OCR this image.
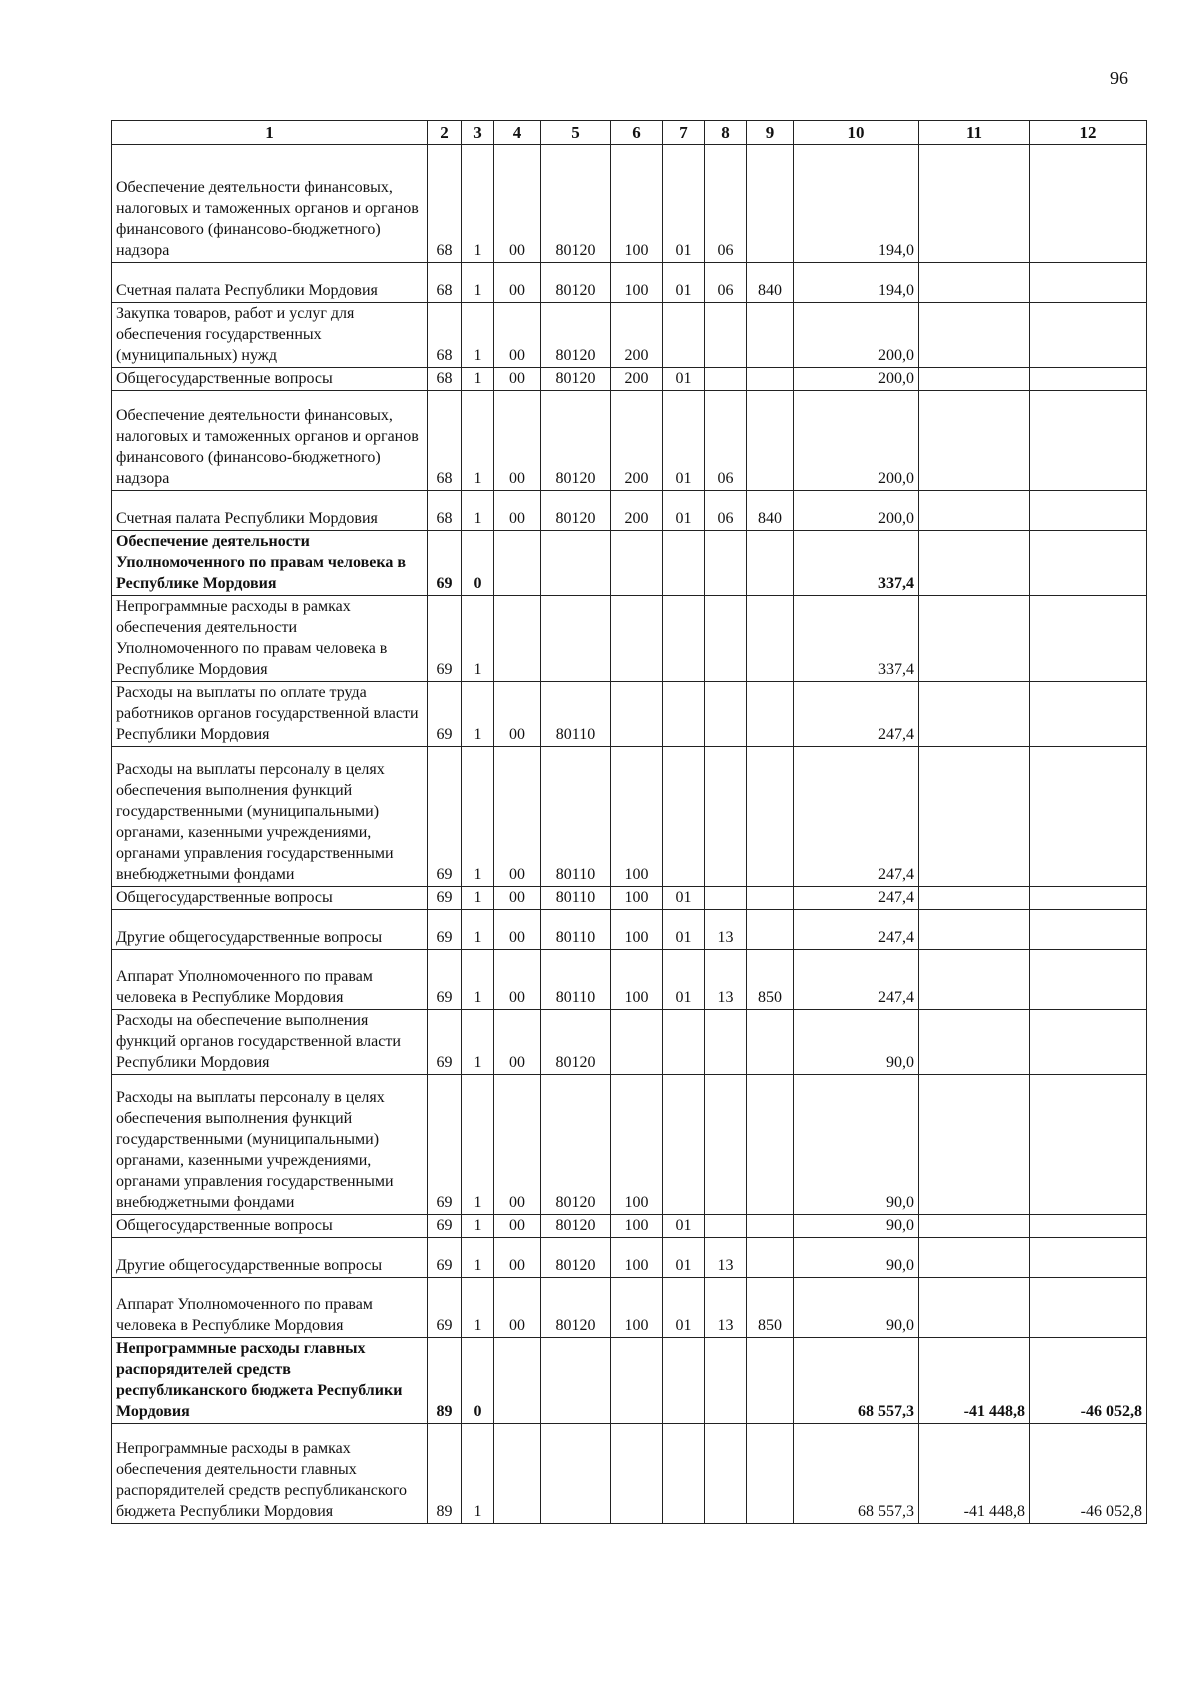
96
1	2	3	4	5	6	7	8	9	10	11	12
Обеспечение деятельности финансовых, налоговых и таможенных органов и органов финансового (финансово-бюджетного) надзора	68	1	00	80120	100	01	06		194,0		
Счетная палата Республики Мордовия	68	1	00	80120	100	01	06	840	194,0		
Закупка товаров, работ и услуг для обеспечения государственных (муниципальных) нужд	68	1	00	80120	200				200,0		
Общегосударственные вопросы	68	1	00	80120	200	01			200,0		
Обеспечение деятельности финансовых, налоговых и таможенных органов и органов финансового (финансово-бюджетного) надзора	68	1	00	80120	200	01	06		200,0		
Счетная палата Республики Мордовия	68	1	00	80120	200	01	06	840	200,0		
Обеспечение деятельности Уполномоченного по правам человека в Республике Мордовия	69	0							337,4		
Непрограммные расходы в рамках обеспечения деятельности Уполномоченного по правам человека в Республике Мордовия	69	1							337,4		
Расходы на выплаты по оплате труда работников органов государственной власти Республики Мордовия	69	1	00	80110					247,4		
Расходы на выплаты персоналу в целях обеспечения выполнения функций государственными (муниципальными) органами, казенными учреждениями, органами управления государственными внебюджетными фондами	69	1	00	80110	100				247,4		
Общегосударственные вопросы	69	1	00	80110	100	01			247,4		
Другие общегосударственные вопросы	69	1	00	80110	100	01	13		247,4		
Аппарат Уполномоченного по правам человека в Республике Мордовия	69	1	00	80110	100	01	13	850	247,4		
Расходы на обеспечение выполнения функций органов государственной власти Республики Мордовия	69	1	00	80120					90,0		
Расходы на выплаты персоналу в целях обеспечения выполнения функций государственными (муниципальными) органами, казенными учреждениями, органами управления государственными внебюджетными фондами	69	1	00	80120	100				90,0		
Общегосударственные вопросы	69	1	00	80120	100	01			90,0		
Другие общегосударственные вопросы	69	1	00	80120	100	01	13		90,0		
Аппарат Уполномоченного по правам человека в Республике Мордовия	69	1	00	80120	100	01	13	850	90,0		
Непрограммные расходы главных распорядителей средств республиканского бюджета Республики Мордовия	89	0							68 557,3	-41 448,8	-46 052,8
Непрограммные расходы в рамках обеспечения деятельности главных распорядителей средств республиканского бюджета Республики Мордовия	89	1							68 557,3	-41 448,8	-46 052,8
